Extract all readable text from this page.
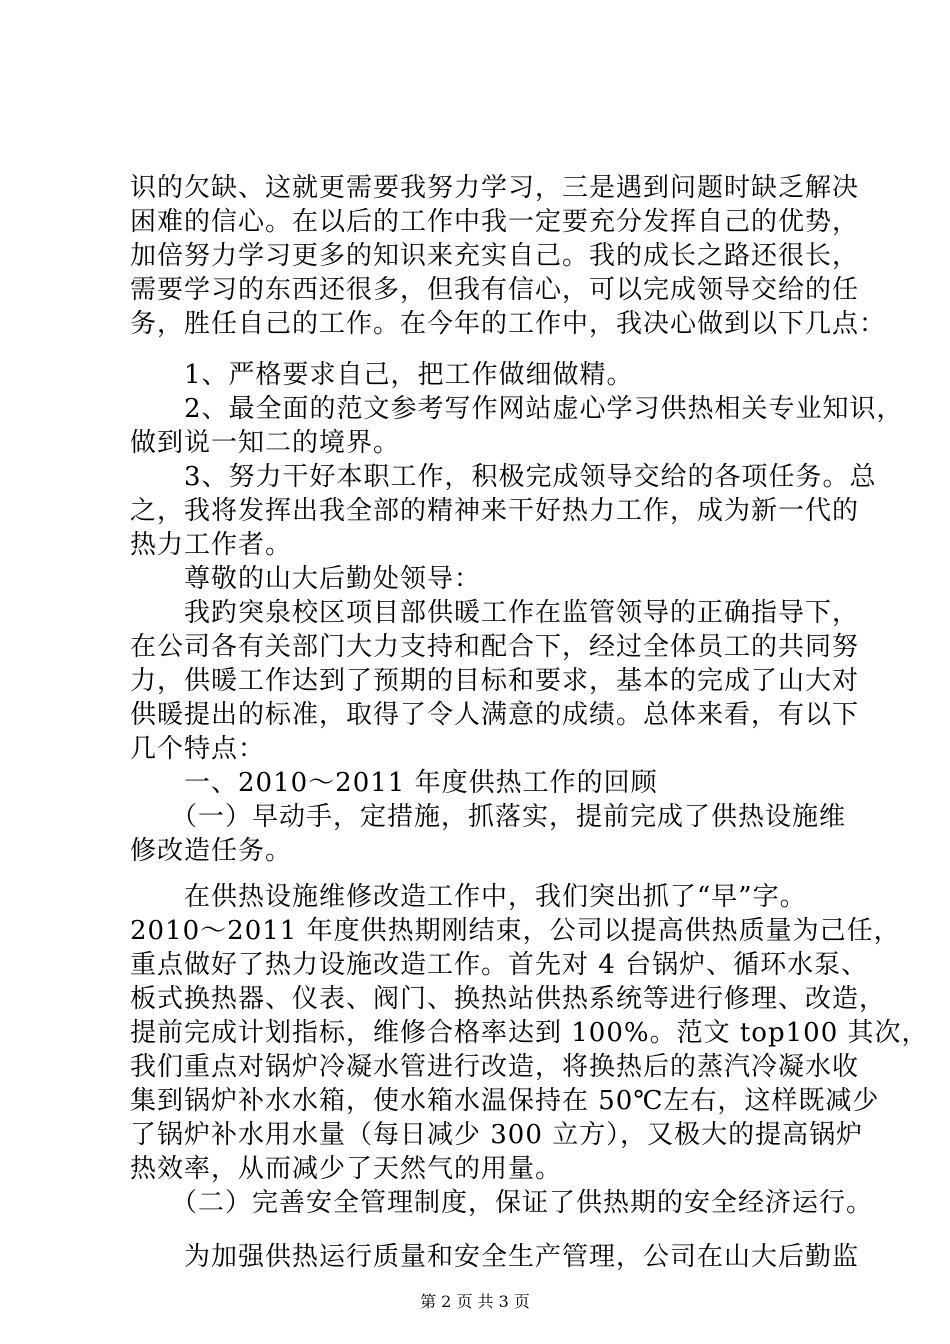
识的欠缺、这就更需要我努力学习，三是遇到问题时缺乏解决
困难的信心。在以后的工作中我一定要充分发挥自己的优势，
加倍努力学习更多的知识来充实自己。我的成长之路还很长，
需要学习的东西还很多，但我有信心，可以完成领导交给的任
务，胜任自己的工作。在今年的工作中，我决心做到以下几点：
　　1、严格要求自己，把工作做细做精。
　　2、最全面的范文参考写作网站虚心学习供热相关专业知识，
做到说一知二的境界。
　　3、努力干好本职工作，积极完成领导交给的各项任务。总
之，我将发挥出我全部的精神来干好热力工作，成为新一代的
热力工作者。
　　尊敬的山大后勤处领导：
　　我趵突泉校区项目部供暖工作在监管领导的正确指导下，
在公司各有关部门大力支持和配合下，经过全体员工的共同努
力，供暖工作达到了预期的目标和要求，基本的完成了山大对
供暖提出的标准，取得了令人满意的成绩。总体来看，有以下
几个特点：
　　一、2010～2011 年度供热工作的回顾
　　（一）早动手，定措施，抓落实，提前完成了供热设施维
修改造任务。
　　在供热设施维修改造工作中，我们突出抓了“早”字。
2010～2011 年度供热期刚结束，公司以提高供热质量为己任，
重点做好了热力设施改造工作。首先对 4 台锅炉、循环水泵、
板式换热器、仪表、阀门、换热站供热系统等进行修理、改造，
提前完成计划指标，维修合格率达到 100%。范文 top100 其次，
我们重点对锅炉冷凝水管进行改造，将换热后的蒸汽冷凝水收
集到锅炉补水水箱，使水箱水温保持在 50℃左右，这样既减少
了锅炉补水用水量（每日减少 300 立方），又极大的提高锅炉
热效率，从而减少了天然气的用量。
　　（二）完善安全管理制度，保证了供热期的安全经济运行。
　　为加强供热运行质量和安全生产管理，公司在山大后勤监
第 2 页 共 3 页
